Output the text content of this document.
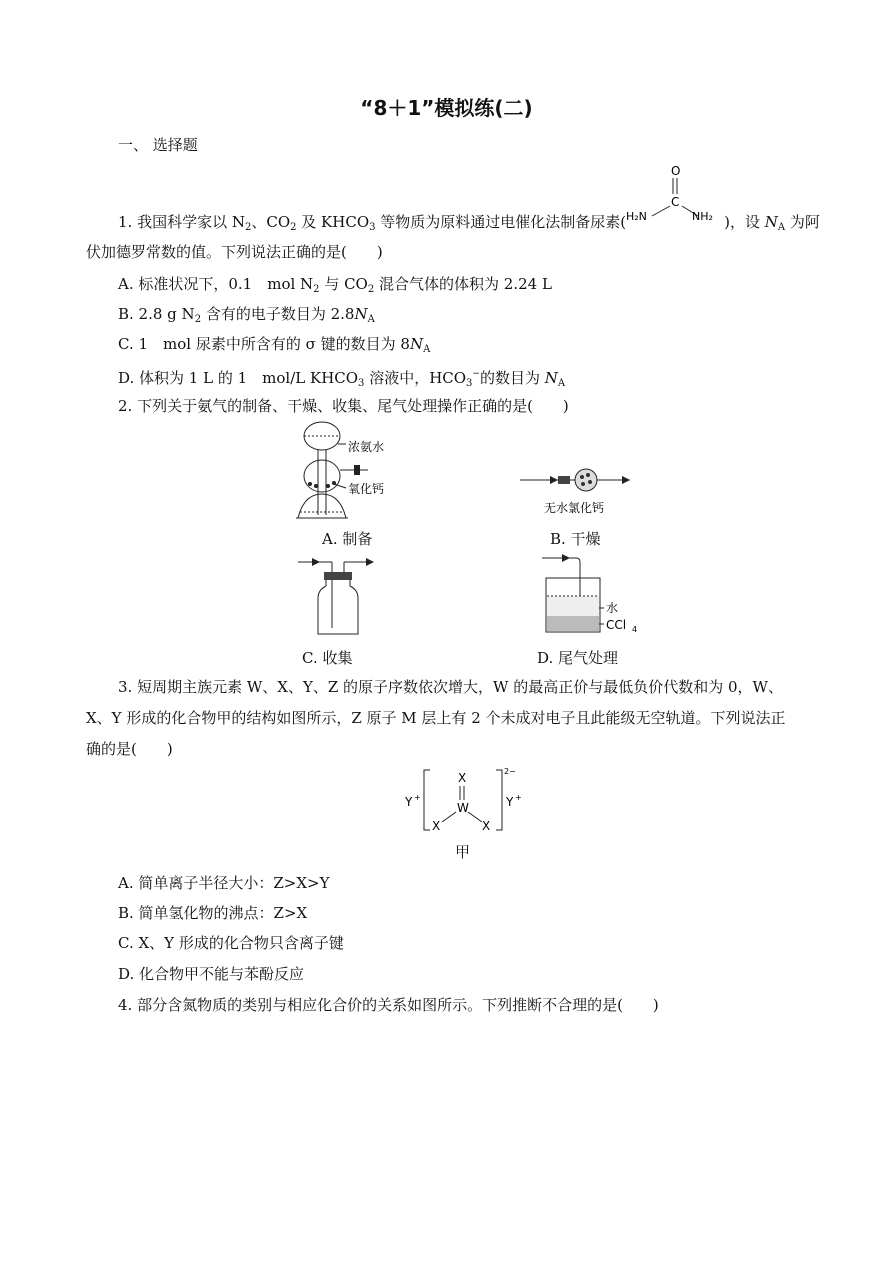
“8＋1”模拟练(二)
一、 选择题
1. 我国科学家以 $N_2$、$CO_2$ 及 $KHCO_3$ 等物质为原料通过电催化法制备尿素(	)，设 $N_A$ 为阿
O
C
H₂N	NH₂
伏加德罗常数的值。下列说法正确的是(　　)
A. 标准状况下，0.1　mol $N_2$ 与 $CO_2$ 混合气体的体积为 2.24 L
B. 2.8 g $N_2$ 含有的电子数目为 $2.8N_A$
C. 1　mol 尿素中所含有的 σ 键的数目为 $8N_A$
D. 体积为 1 L 的 1　mol/L $KHCO_3$ 溶液中，$HCO_3^-$的数目为 $N_A$
2. 下列关于氨气的制备、干燥、收集、尾气处理操作正确的是(　　)
浓氨水
氧化钙
A. 制备
无水氯化钙
B. 干燥
C. 收集
水
CCl 4
D. 尾气处理
3. 短周期主族元素 W、X、Y、Z 的原子序数依次增大，W 的最高正价与最低负价代数和为 0，W、
X、Y 形成的化合物甲的结构如图所示，Z 原子 M 层上有 2 个未成对电子且此能级无空轨道。下列说法正
确的是(　　)
Y +
X
W
X	X
2−
Y +
甲
A. 简单离子半径大小：Z>X>Y
B. 简单氢化物的沸点：Z>X
C. X、Y 形成的化合物只含离子键
D. 化合物甲不能与苯酚反应
4. 部分含氮物质的类别与相应化合价的关系如图所示。下列推断不合理的是(　　)
